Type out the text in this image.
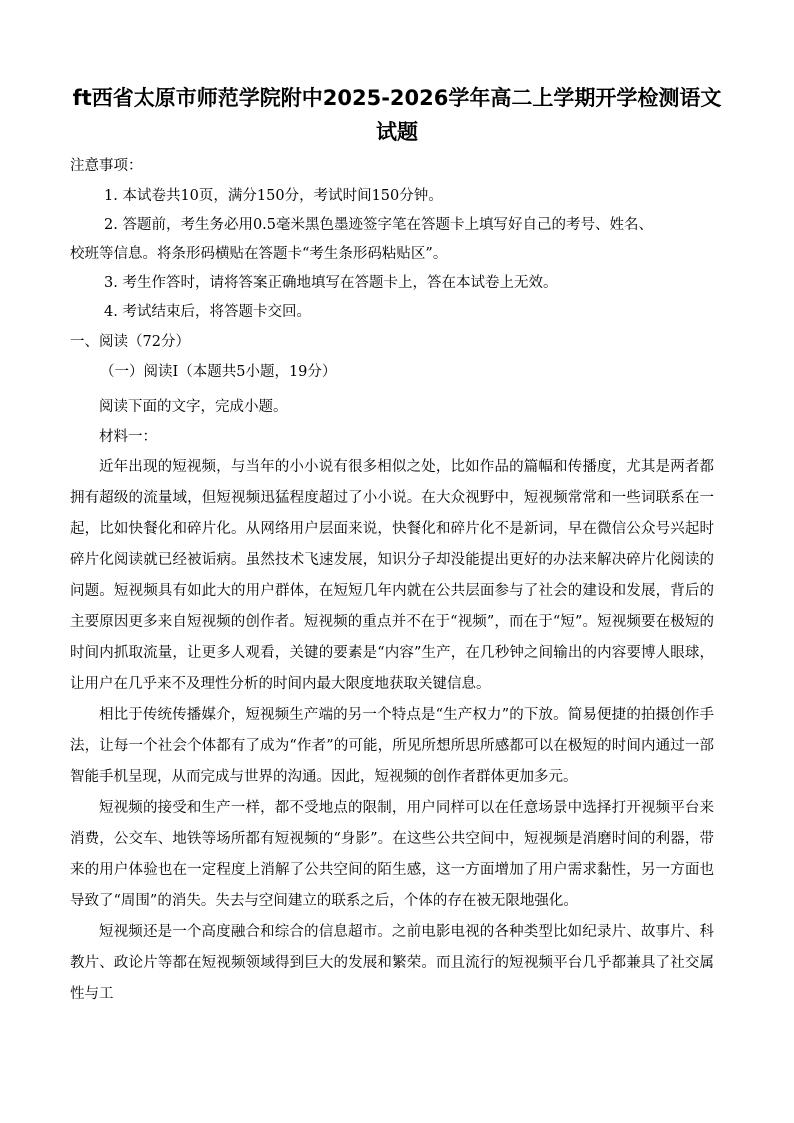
ft西省太原市师范学院附中2025-2026学年高二上学期开学检测语文
试题
注意事项：
1. 本试卷共10页，满分150分，考试时间150分钟。
2. 答题前，考生务必用0.5毫米黑色墨迹签字笔在答题卡上填写好自己的考号、姓名、
校班等信息。将条形码横贴在答题卡“考生条形码粘贴区”。
3. 考生作答时，请将答案正确地填写在答题卡上，答在本试卷上无效。
4. 考试结束后，将答题卡交回。
一、阅读（72分）
（一）阅读Ⅰ（本题共5小题，19分）
阅读下面的文字，完成小题。
材料一：

近年出现的短视频，与当年的小小说有很多相似之处，比如作品的篇幅和传播度，尤其是两者都拥有超级的流量域，但短视频迅猛程度超过了小小说。在大众视野中，短视频常常和一些词联系在一起，比如快餐化和碎片化。从网络用户层面来说，快餐化和碎片化不是新词，早在微信公众号兴起时碎片化阅读就已经被诟病。虽然技术飞速发展，知识分子却没能提出更好的办法来解决碎片化阅读的问题。短视频具有如此大的用户群体，在短短几年内就在公共层面参与了社会的建设和发展，背后的主要原因更多来自短视频的创作者。短视频的重点并不在于“视频”，而在于“短”。短视频要在极短的时间内抓取流量，让更多人观看，关键的要素是“内容”生产，在几秒钟之间输出的内容要博人眼球，让用户在几乎来不及理性分析的时间内最大限度地获取关键信息。

相比于传统传播媒介，短视频生产端的另一个特点是“生产权力”的下放。简易便捷的拍摄创作手法，让每一个社会个体都有了成为“作者”的可能，所见所想所思所感都可以在极短的时间内通过一部智能手机呈现，从而完成与世界的沟通。因此，短视频的创作者群体更加多元。

短视频的接受和生产一样，都不受地点的限制，用户同样可以在任意场景中选择打开视频平台来消费，公交车、地铁等场所都有短视频的“身影”。在这些公共空间中，短视频是消磨时间的利器，带来的用户体验也在一定程度上消解了公共空间的陌生感，这一方面增加了用户需求黏性，另一方面也导致了“周围”的消失。失去与空间建立的联系之后，个体的存在被无限地强化。

短视频还是一个高度融合和综合的信息超市。之前电影电视的各种类型比如纪录片、故事片、科教片、政论片等都在短视频领域得到巨大的发展和繁荣。而且流行的短视频平台几乎都兼具了社交属性与工
